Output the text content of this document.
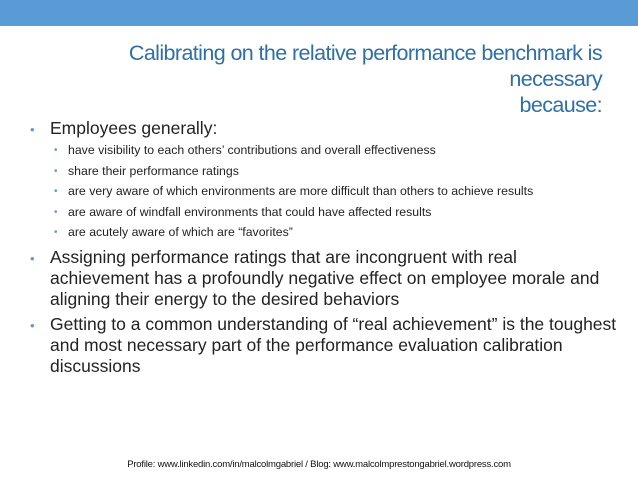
Calibrating on the relative performance benchmark is necessary
because:
• Employees generally:
• have visibility to each others’ contributions and overall effectiveness
• share their performance ratings
• are very aware of which environments are more difficult than others to achieve results
• are aware of windfall environments that could have affected results
• are acutely aware of which are “favorites”
• Assigning performance ratings that are incongruent with real achievement has a profoundly negative effect on employee morale and aligning their energy to the desired behaviors
• Getting to a common understanding of “real achievement” is the toughest and most necessary part of the performance evaluation calibration discussions
Profile: www.linkedin.com/in/malcolmgabriel / Blog: www.malcolmprestongabriel.wordpress.com
